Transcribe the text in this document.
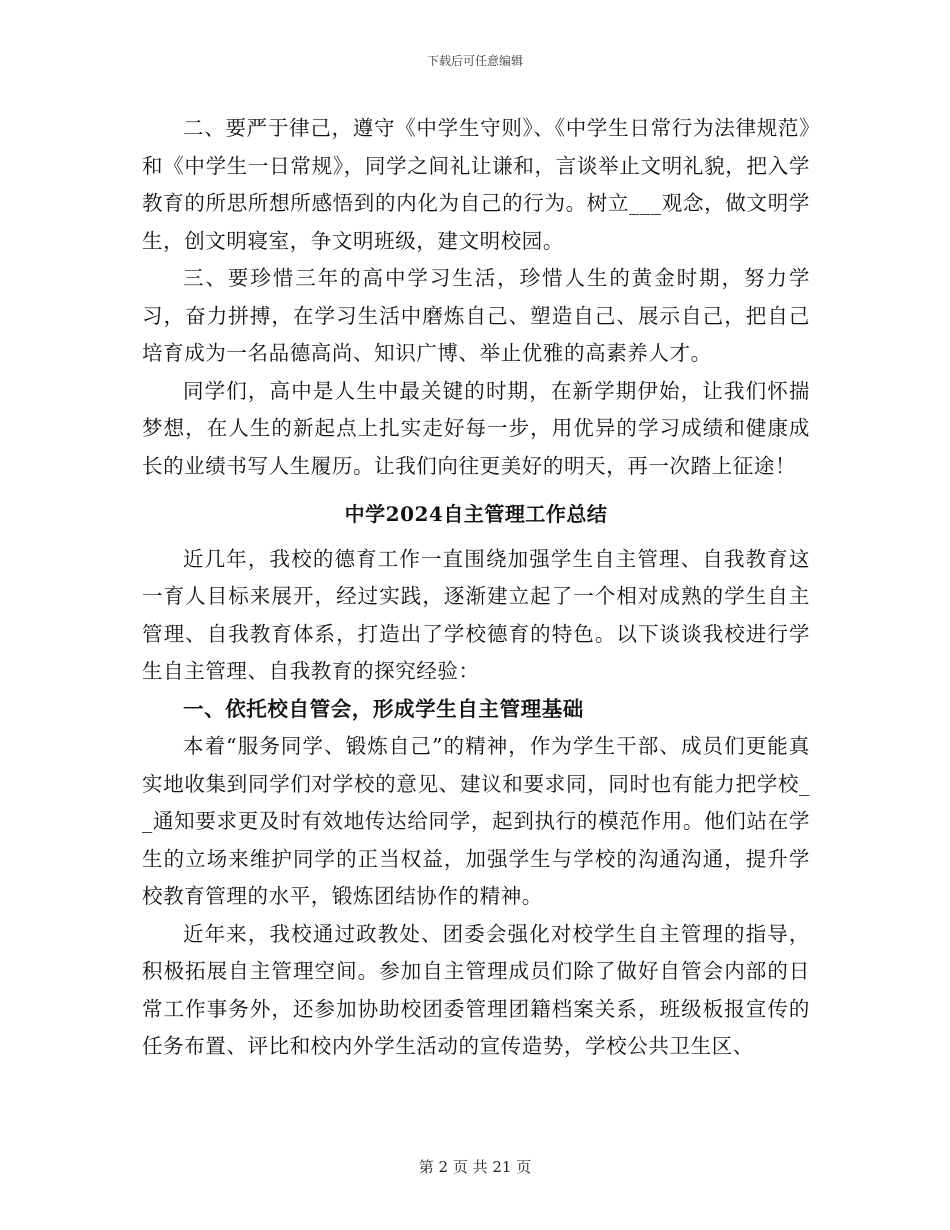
下载后可任意编辑

二、要严于律己，遵守《中学生守则》、《中学生日常行为法律规范》和《中学生一日常规》，同学之间礼让谦和，言谈举止文明礼貌，把入学教育的所思所想所感悟到的内化为自己的行为。树立___观念，做文明学生，创文明寝室，争文明班级，建文明校园。

三、要珍惜三年的高中学习生活，珍惜人生的黄金时期，努力学习，奋力拼搏，在学习生活中磨炼自己、塑造自己、展示自己，把自己培育成为一名品德高尚、知识广博、举止优雅的高素养人才。

同学们，高中是人生中最关键的时期，在新学期伊始，让我们怀揣梦想，在人生的新起点上扎实走好每一步，用优异的学习成绩和健康成长的业绩书写人生履历。让我们向往更美好的明天，再一次踏上征途！

中学2024自主管理工作总结

近几年，我校的德育工作一直围绕加强学生自主管理、自我教育这一育人目标来展开，经过实践，逐渐建立起了一个相对成熟的学生自主管理、自我教育体系，打造出了学校德育的特色。以下谈谈我校进行学生自主管理、自我教育的探究经验：

一、依托校自管会，形成学生自主管理基础

本着“服务同学、锻炼自己”的精神，作为学生干部、成员们更能真实地收集到同学们对学校的意见、建议和要求同，同时也有能力把学校__通知要求更及时有效地传达给同学，起到执行的模范作用。他们站在学生的立场来维护同学的正当权益，加强学生与学校的沟通沟通，提升学校教育管理的水平，锻炼团结协作的精神。

近年来，我校通过政教处、团委会强化对校学生自主管理的指导，积极拓展自主管理空间。参加自主管理成员们除了做好自管会内部的日常工作事务外，还参加协助校团委管理团籍档案关系，班级板报宣传的任务布置、评比和校内外学生活动的宣传造势，学校公共卫生区、

第 2 页 共 21 页
